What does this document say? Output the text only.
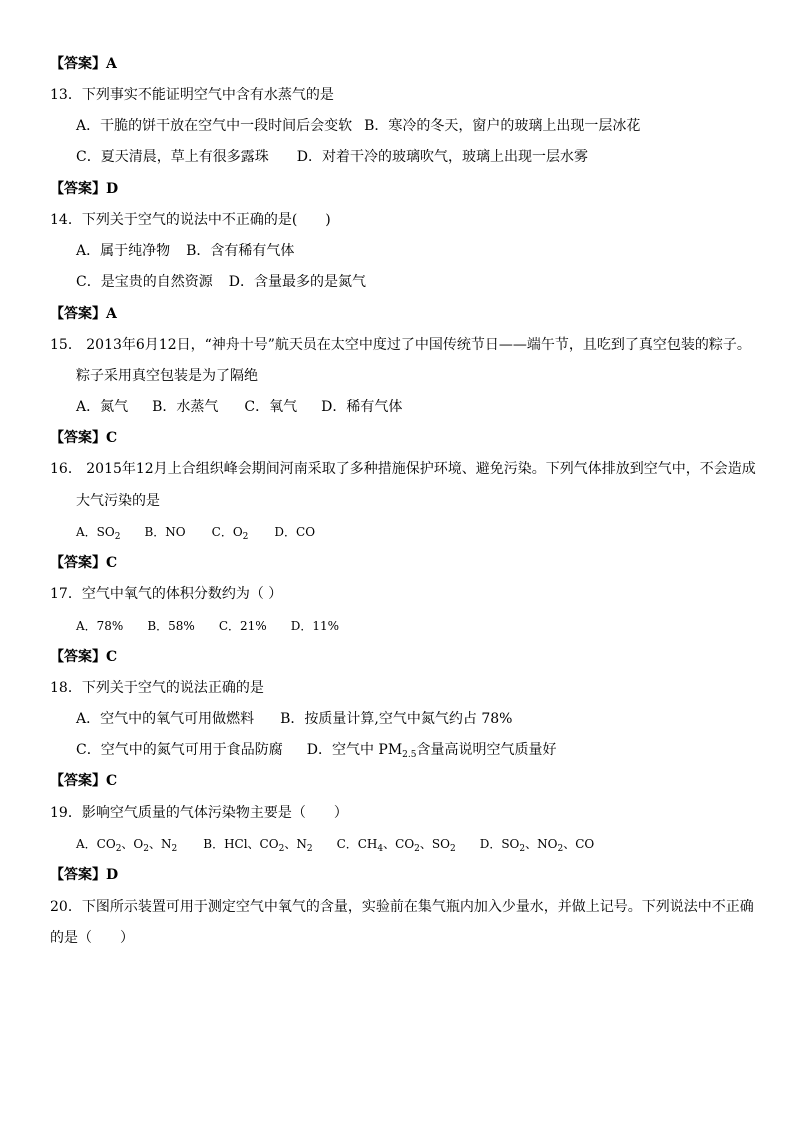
【答案】A
13．下列事实不能证明空气中含有水蒸气的是
A．干脆的饼干放在空气中一段时间后会变软 B．寒冷的冬天，窗户的玻璃上出现一层冰花
C．夏天清晨，草上有很多露珠 D．对着干冷的玻璃吹气，玻璃上出现一层水雾
【答案】D
14．下列关于空气的说法中不正确的是(　　)
A．属于纯净物 B．含有稀有气体
C．是宝贵的自然资源 D．含量最多的是氮气
【答案】A
15． 2013年6月12日，“神舟十号”航天员在太空中度过了中国传统节日——端午节，且吃到了真空包装的粽子。
粽子采用真空包装是为了隔绝
A．氮气 B．水蒸气 C．氧气 D．稀有气体
【答案】C
16． 2015年12月上合组织峰会期间河南采取了多种措施保护环境、避免污染。下列气体排放到空气中，不会造成
大气污染的是
A．$SO_2$ B．NO C．$O_2$ D．CO
【答案】C
17．空气中氧气的体积分数约为（ ）
A．78% B．58% C．21% D．11%
【答案】C
18．下列关于空气的说法正确的是
A．空气中的氧气可用做燃料 B．按质量计算,空气中氮气约占 78%
C．空气中的氮气可用于食品防腐 D．空气中 $PM_{2.5}$含量高说明空气质量好
【答案】C
19．影响空气质量的气体污染物主要是（　　）
A．$CO_2$、$O_2$、$N_2$ B．HCl、$CO_2$、$N_2$ C．$CH_4$、$CO_2$、$SO_2$ D．$SO_2$、$NO_2$、CO
【答案】D
20．下图所示装置可用于测定空气中氧气的含量，实验前在集气瓶内加入少量水，并做上记号。下列说法中不正确
的是（　　）
